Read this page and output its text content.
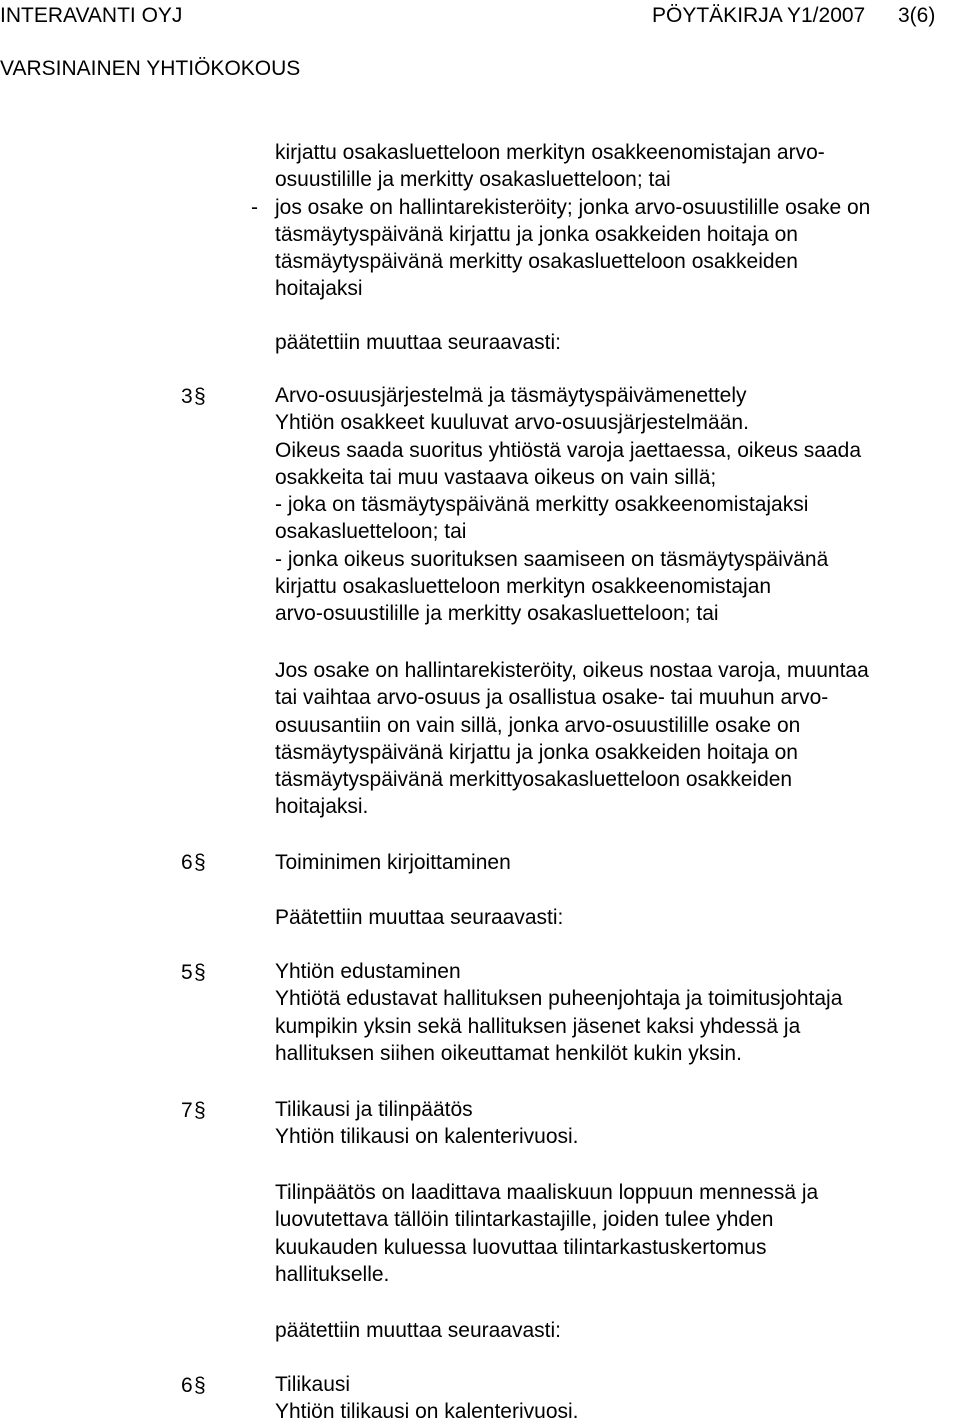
INTERAVANTI OYJ	PÖYTÄKIRJA Y1/2007 3(6)
VARSINAINEN YHTIÖKOKOUS
kirjattu osakasluetteloon merkityn osakkeenomistajan arvo-
osuustilille ja merkitty osakasluetteloon; tai
jos osake on hallintarekisteröity; jonka arvo-osuustilille osake on
täsmäytyspäivänä kirjattu ja jonka osakkeiden hoitaja on
täsmäytyspäivänä merkitty osakasluetteloon osakkeiden
hoitajaksi
-
päätettiin muuttaa seuraavasti:
3 §	Arvo-osuusjärjestelmä ja täsmäytyspäivämenettely
Yhtiön osakkeet kuuluvat arvo-osuusjärjestelmään.
Oikeus saada suoritus yhtiöstä varoja jaettaessa, oikeus saada
osakkeita tai muu vastaava oikeus on vain sillä;
- joka on täsmäytyspäivänä merkitty osakkeenomistajaksi
osakasluetteloon; tai
- jonka oikeus suorituksen saamiseen on täsmäytyspäivänä
kirjattu osakasluetteloon merkityn osakkeenomistajan
arvo-osuustilille ja merkitty osakasluetteloon; tai
Jos osake on hallintarekisteröity, oikeus nostaa varoja, muuntaa
tai vaihtaa arvo-osuus ja osallistua osake- tai muuhun arvo-
osuusantiin on vain sillä, jonka arvo-osuustilille osake on
täsmäytyspäivänä kirjattu ja jonka osakkeiden hoitaja on
täsmäytyspäivänä merkittyosakasluetteloon osakkeiden
hoitajaksi.
6 §	Toiminimen kirjoittaminen
Päätettiin muuttaa seuraavasti:
5 §	Yhtiön edustaminen
Yhtiötä edustavat hallituksen puheenjohtaja ja toimitusjohtaja
kumpikin yksin sekä hallituksen jäsenet kaksi yhdessä ja
hallituksen siihen oikeuttamat henkilöt kukin yksin.
7 §	Tilikausi ja tilinpäätös
Yhtiön tilikausi on kalenterivuosi.
Tilinpäätös on laadittava maaliskuun loppuun mennessä ja
luovutettava tällöin tilintarkastajille, joiden tulee yhden
kuukauden kuluessa luovuttaa tilintarkastuskertomus
hallitukselle.
päätettiin muuttaa seuraavasti:
6 §	Tilikausi
Yhtiön tilikausi on kalenterivuosi.
